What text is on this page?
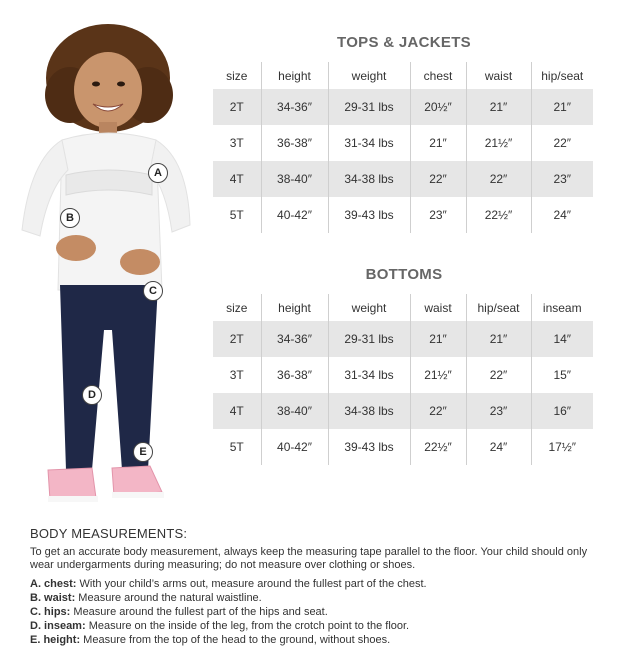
A
B
C
D
E
TOPS & JACKETS
size	height	weight	chest	waist	hip/seat
2T	34-36″	29-31 lbs	20½″	21″	21″
3T	36-38″	31-34 lbs	21″	21½″	22″
4T	38-40″	34-38 lbs	22″	22″	23″
5T	40-42″	39-43 lbs	23″	22½″	24″
BOTTOMS
size	height	weight	waist	hip/seat	inseam
2T	34-36″	29-31 lbs	21″	21″	14″
3T	36-38″	31-34 lbs	21½″	22″	15″
4T	38-40″	34-38 lbs	22″	23″	16″
5T	40-42″	39-43 lbs	22½″	24″	17½″
BODY MEASUREMENTS:
To get an accurate body measurement, always keep the measuring tape parallel to the floor. Your child should only wear undergarments during measuring; do not measure over clothing or shoes.
A. chest: With your child’s arms out, measure around the fullest part of the chest.
B. waist: Measure around the natural waistline.
C. hips: Measure around the fullest part of the hips and seat.
D. inseam: Measure on the inside of the leg, from the crotch point to the floor.
E. height: Measure from the top of the head to the ground, without shoes.
